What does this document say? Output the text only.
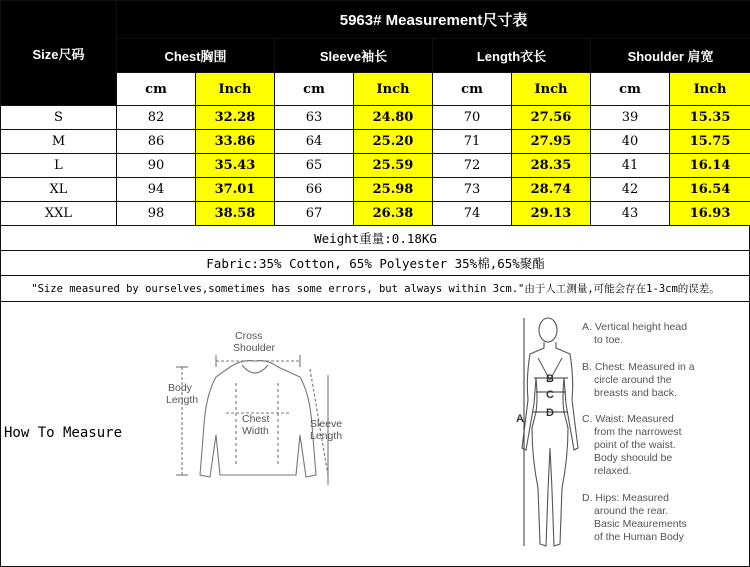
Size尺码	5963# Measurement尺寸表							
	Chest胸围		Sleeve袖长		Length衣长		Shoulder 肩宽	
	cm	Inch	cm	Inch	cm	Inch	cm	Inch
S	82	32.28	63	24.80	70	27.56	39	15.35
M	86	33.86	64	25.20	71	27.95	40	15.75
L	90	35.43	65	25.59	72	28.35	41	16.14
XL	94	37.01	66	25.98	73	28.74	42	16.54
XXL	98	38.58	67	26.38	74	29.13	43	16.93
Weight重量:0.18KG								
Fabric:35% Cotton, 65% Polyester 35%棉,65%聚酯								
"Size measured by ourselves,sometimes has some errors, but always within 3cm."由于人工测量,可能会存在1-3cm的误差。								
How To Measure
Cross
Shoulder
Body
Length
Chest
Width
Sleeve
Length
A
B
C
D
A. Vertical height head
to toe.
B. Chest: Measured in a
circle around the
breasts and back.
C. Waist: Measured
from the narrowest
point of the waist.
Body shoould be
relaxed.
D. Hips: Measured
around the rear.
Basic Meaurements
of the Human Body
